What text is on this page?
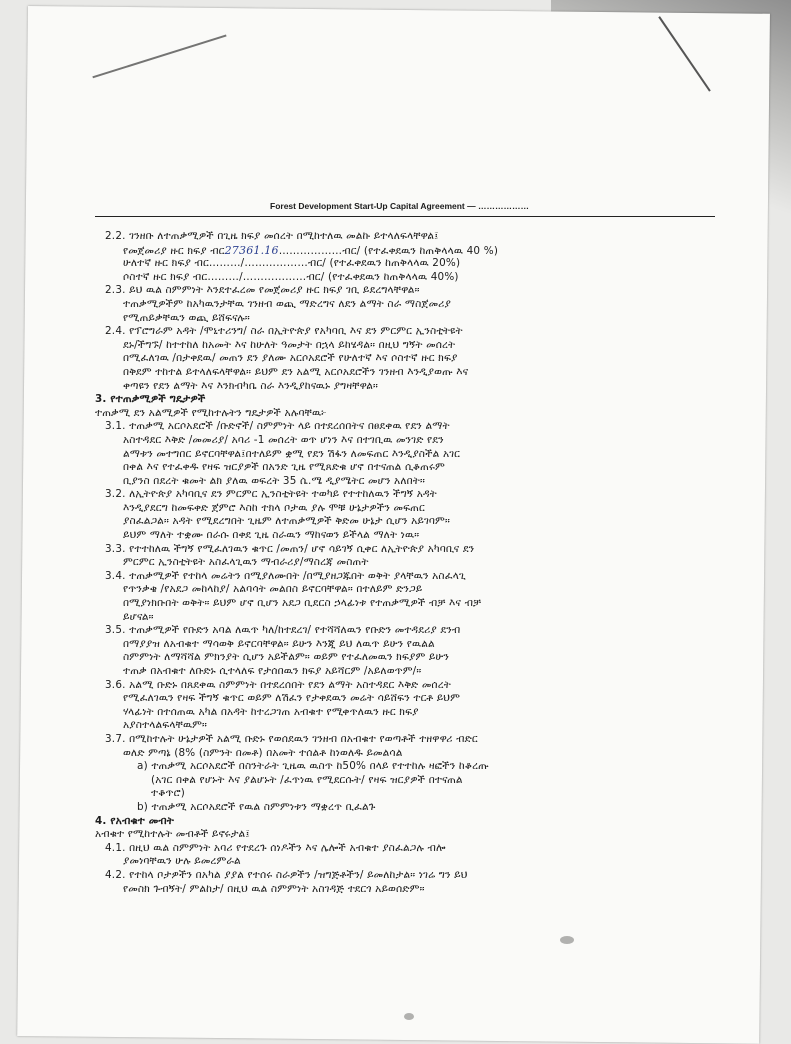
Forest Development Start-Up Capital Agreement — ………………
2.2. ገንዘቡ ለተጠቃሚዎች በጊዜ ክፍያ መሰረት በሚከተለዉ መልኩ ይተላለፍላቸዋል፤
የመጀመሪያ ዙር ክፍያ ብር27361.16………………ብር/ (የተፈቀደዉን ከጠቅላላዉ 40 %)
ሁለተኛ ዙር ክፍያ ብር………/………………ብር/ (የተፈቀደዉን ከጠቅላላዉ 20%)
ሶስተኛ ዙር ክፍያ ብር………/………………ብር/ (የተፈቀደዉን ከጠቅላላዉ 40%)
2.3. ይህ ዉል ስምምነት እንደተፈረመ የመጀመሪያ ዙር ክፍያ ገቢ ይደረግላቸዋል።
ተጠቃሚዎችም ከአካዉንታቸዉ ገንዘብ ወጪ ማድረግና ለደን ልማት ስራ ማስጀመሪያ
የሚጠይቃቸዉን ወጪ ይሸፍናሉ።
2.4. የፕሮግራም አዳት /ሞኒተሪንግ/ ስራ በኢትዮጵያ የአካባቢ እና ደን ምርምር ኢንስቲትዩት
ደኑ/ችግኙ/ ከተተከለ ከአመት እና ከሁለት ዓመታት በኋላ ይከሄዳል። በዚህ ግኝት መሰረት
በሚፈለገዉ /በታቀደዉ/ መጠን ደን ያለሙ አርሶአደሮች የሁለተኛ እና ሶስተኛ ዙር ክፍያ
በቅደም ተከተል ይተላለፍላቸዋል። ይህም ደን አልሚ አርሶአደሮችን ገንዘብ እንዲያወጡ እና
ቀጣዩን የደን ልማት እና እንክብካቤ ስራ እንዲያከናዉኑ ያግዛቸዋል።
3. የተጠቃሚዎች ግዴታዎች
ተጠቃሚ ደን አልሚዎች የሚከተሉትን ግዴታዎች አሉባቸዉ፦
3.1. ተጠቃሚ አርሶአደሮች /ቡድኖች/ ስምምነት ላይ በተደረሰበትና በፀደቀዉ የደን ልማት
አስተዳደር እቅድ /መመሪያ/ አባሪ -1 መሰረት ወጥ ሆነን እና በተገቢዉ መንገድ የደን
ልማቱን መተግበር ይኖርባቸዋል፤በተለይም ቋሚ የደን ሽፋን ለመፍጠር እንዲያስችል አገር
በቀል እና የተፈቀዱ የዛፍ ዝርያዎች በአንድ ጊዜ የሚጸድቁ ሆኖ በተናጠል ሲቆጠሩም
ቢያንስ በደረት ቁመት ልክ ያለዉ ወፍረት 35 ሴ.ሜ ዲያሜትር መሆን አለበት።
3.2. ለኢትዮጵያ አካባቢና ደን ምርምር ኢንስቲትዩት ተወካይ የተተከለዉን ችግኝ አዳት
እንዲያደርግ ከመፍቀድ ጀምሮ እስከ ተክላ ቦታዉ ያሉ ሞቹ ሁኔታዎችን መፍጠር
ያስፈልጋል። አዳት የሚደረግበት ጊዜም ለተጠቃሚዎች ቅድመ ሁኔታ ሲሆን አይገባም።
ይህም ማለት ተቋሙ በራሱ በቀደ ጊዜ ስራዉን ማከናወን ይችላል ማለት ነዉ።
3.3. የተተከለዉ ችግኝ የሚፈለገዉን ቁጥር /መጠን/ ሆኖ ሳይገኝ ሲቀር ለኢትዮጵያ አካባቢና ደን
ምርምር ኢንስቲትዩት አስፈላጊዉን ማብራሪያ/ማስረጃ መስጠት
3.4. ተጠቃሚዎች የተከላ መሬትን በሚያለሙበት /በሚያዘጋጁበት ወቅት ያላቸዉን አስፈላጊ
የጥንቃቄ /የአደጋ መከላከያ/ አልባሳት መልበስ ይኖርባቸዋል። በተለይም ድንጋይ
በሚያነክቡበት ወቅት። ይህም ሆኖ ቢሆን አደጋ ቢደርስ ኃላፊነቱ የተጠቃሚዎች ብቻ እና ብቻ
ይሆናል።
3.5. ተጠቃሚዎች የቡድን አባል ለዉጥ ካለ/ከተደረገ/ የተሻሻለዉን የቡድን መተዳደሪያ ደንብ
በማያያዝ ለአብቁተ ማሳወቅ ይኖርባቸዋል። ይሁን እንጂ ይህ ለዉጥ ይሁን የዉልል
ስምምነት ለማሻሻል ምክንያት ሲሆን አይችልም። ወይም የተፈለመዉን ክፍያም ይሁን
ተጠቃ በአብቁተ ለቡድኑ ሲተላለፍ የታሰበዉን ክፍያ አይሻርም /አይለወጥም/።
3.6. አልሚ ቡድኑ በጸደቀዉ ስምምነት በተደረሰበት የደን ልማት አስተዳደር እቅድ መሰረት
የሚፈለገዉን የዛፍ ችግኝ ቁጥር ወይም ለሽፈን የታቀደዉን መሬት ሳይሸፍን ተርቶ ይህም
ሃላፊነት በተሰጠዉ አካል በአዳት ከተረጋገጠ አብቁተ የሚቀጥለዉን ዙር ክፍያ
አያስተላልፍላቸዉም።
3.7. በሚከተሉት ሁኔታዎች አልሚ ቡድኑ የወሰደዉን ገንዘብ በአብቁተ የወጣቶች ተዘዋዋሪ ብድር
ወለድ ምጣኔ (8% (ስምንት በመቶ) በአመት ተሰልቶ ከነወለዱ ይመልሳል
a) ተጠቃሚ አርሶአደሮች በስንትራት ጊዜዉ ዉስጥ ከ50% በላይ የተተከሉ ዛፎችን ከቆረጡ
(አገር በቀል የሆኑት እና ያልሆኑት /ፈጥነዉ የሚደርሱት/ የዛፍ ዝርያዎች በተናጠል
ተቆጥሮ)
b) ተጠቃሚ አርሶአደሮች የዉል ስምምነቱን ማቋረጥ ቢፈልጉ
4. የአብቁተ መብት
አብቁተ የሚከተሉት መብቶች ይኖሩታል፤
4.1. በዚህ ዉል ስምምነት አባሪ የተደረጉ ሰነዶችን እና ሌሎች አብቁተ ያስፈልጋሉ ብሎ
ያመነባቸዉን ሁሉ ይመረምራል
4.2. የተከላ ቦታዎችን በአካል ያያል የተሰሩ ስራዎችን /ዝግጅቶችን/ ይመለከታል። ነገሬ ግን ይህ
የመስክ ጉብኝት/ ምልከታ/ በዚህ ዉል ስምምነት አስገዳጅ ተደርጎ አይወሰድም።
